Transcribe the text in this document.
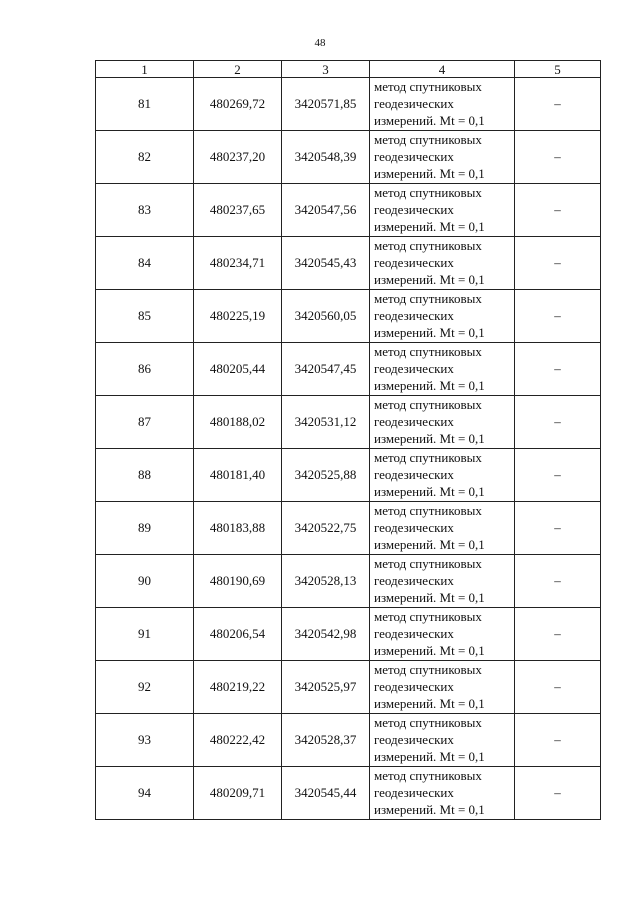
48
1	2	3	4	5
81	480269,72	3420571,85	метод спутниковых
геодезических
измерений. Mt = 0,1	–
82	480237,20	3420548,39	метод спутниковых
геодезических
измерений. Mt = 0,1	–
83	480237,65	3420547,56	метод спутниковых
геодезических
измерений. Mt = 0,1	–
84	480234,71	3420545,43	метод спутниковых
геодезических
измерений. Mt = 0,1	–
85	480225,19	3420560,05	метод спутниковых
геодезических
измерений. Mt = 0,1	–
86	480205,44	3420547,45	метод спутниковых
геодезических
измерений. Mt = 0,1	–
87	480188,02	3420531,12	метод спутниковых
геодезических
измерений. Mt = 0,1	–
88	480181,40	3420525,88	метод спутниковых
геодезических
измерений. Mt = 0,1	–
89	480183,88	3420522,75	метод спутниковых
геодезических
измерений. Mt = 0,1	–
90	480190,69	3420528,13	метод спутниковых
геодезических
измерений. Mt = 0,1	–
91	480206,54	3420542,98	метод спутниковых
геодезических
измерений. Mt = 0,1	–
92	480219,22	3420525,97	метод спутниковых
геодезических
измерений. Mt = 0,1	–
93	480222,42	3420528,37	метод спутниковых
геодезических
измерений. Mt = 0,1	–
94	480209,71	3420545,44	метод спутниковых
геодезических
измерений. Mt = 0,1	–
